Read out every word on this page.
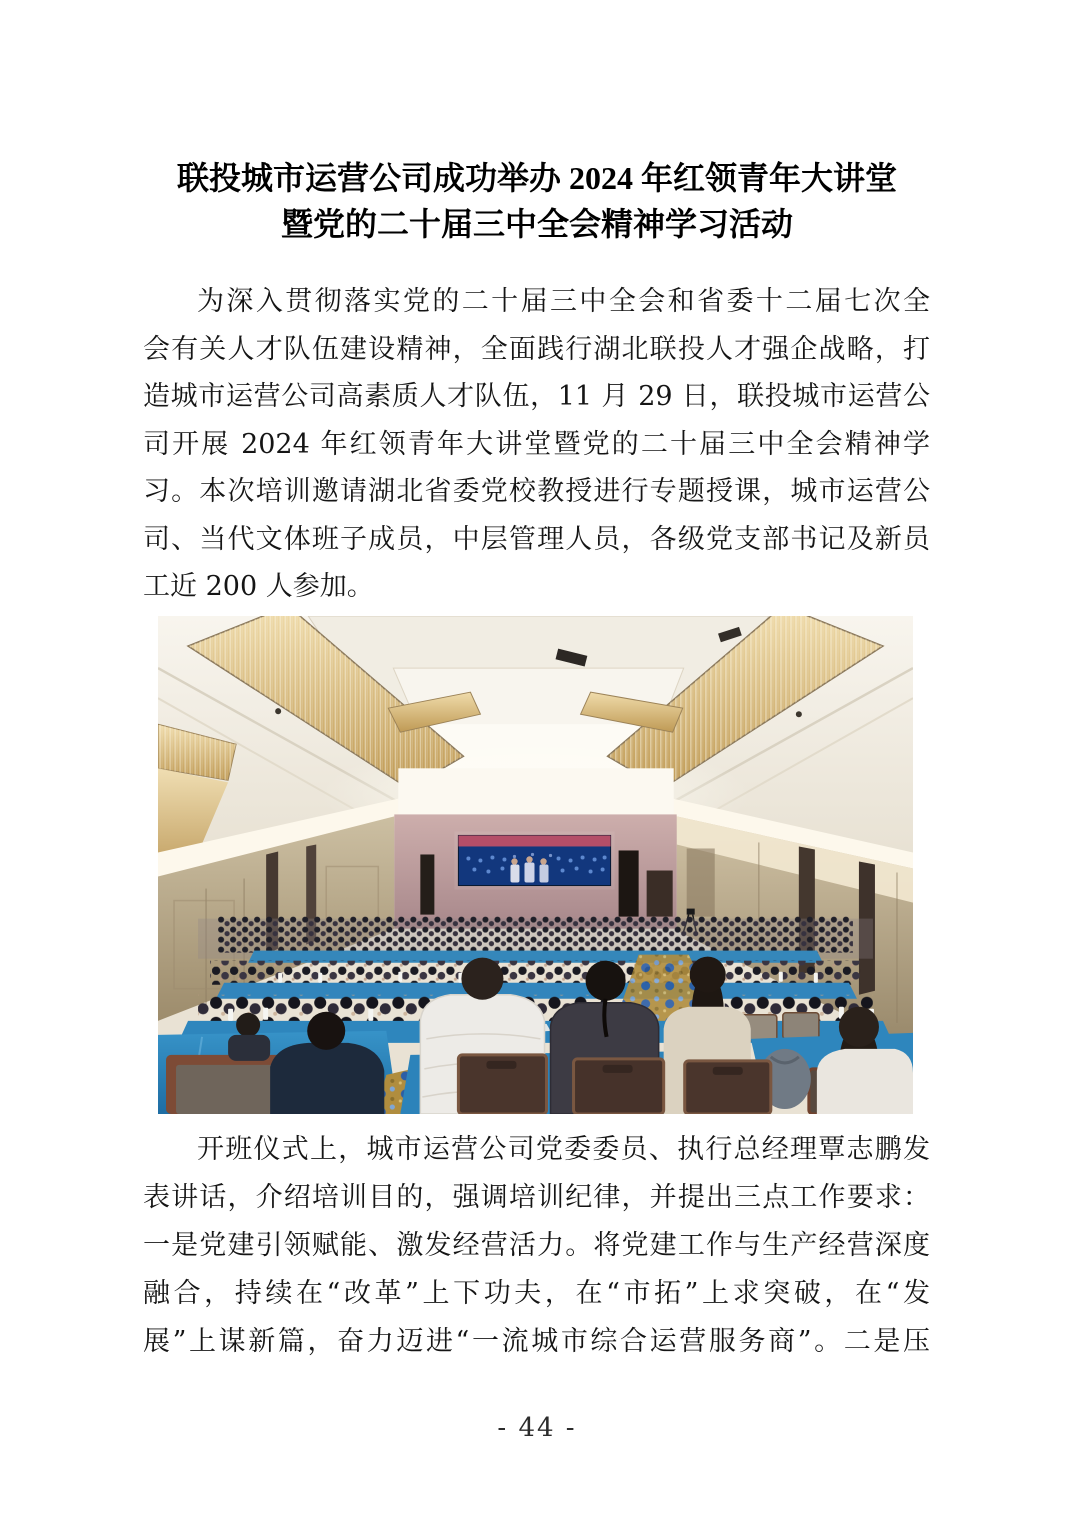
联投城市运营公司成功举办 2024 年红领青年大讲堂
暨党的二十届三中全会精神学习活动
为深入贯彻落实党的二十届三中全会和省委十二届七次全
会有关人才队伍建设精神，全面践行湖北联投人才强企战略，打
造城市运营公司高素质人才队伍，11 月 29 日，联投城市运营公
司开展 2024 年红领青年大讲堂暨党的二十届三中全会精神学
习。本次培训邀请湖北省委党校教授进行专题授课，城市运营公
司、当代文体班子成员，中层管理人员，各级党支部书记及新员
工近 200 人参加。
开班仪式上，城市运营公司党委委员、执行总经理覃志鹏发
表讲话，介绍培训目的，强调培训纪律，并提出三点工作要求：
一是党建引领赋能、激发经营活力。将党建工作与生产经营深度
融合，持续在“改革”上下功夫，在“市拓”上求突破，在“发
展”上谋新篇，奋力迈进“一流城市综合运营服务商”。二是压
- 44 -
